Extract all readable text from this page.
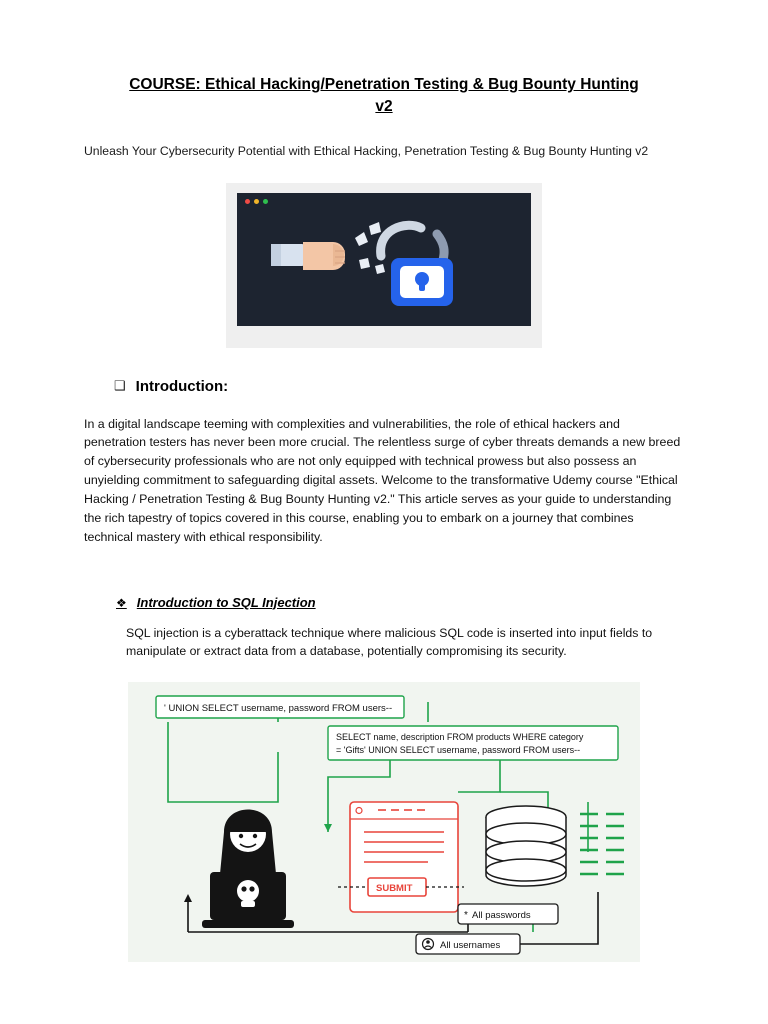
COURSE: Ethical Hacking/Penetration Testing & Bug Bounty Hunting
v2

Unleash Your Cybersecurity Potential with Ethical Hacking, Penetration Testing & Bug Bounty Hunting v2

❑ Introduction:

In a digital landscape teeming with complexities and vulnerabilities, the role of ethical hackers and penetration testers has never been more crucial. The relentless surge of cyber threats demands a new breed of cybersecurity professionals who are not only equipped with technical prowess but also possess an unyielding commitment to safeguarding digital assets. Welcome to the transformative Udemy course "Ethical Hacking / Penetration Testing & Bug Bounty Hunting v2." This article serves as your guide to understanding the rich tapestry of topics covered in this course, enabling you to embark on a journey that combines technical mastery with ethical responsibility.

❖ Introduction to SQL Injection

SQL injection is a cyberattack technique where malicious SQL code is inserted into input fields to manipulate or extract data from a database, potentially compromising its security.

' UNION SELECT username, password FROM users--
SELECT name, description FROM products WHERE category
= 'Gifts' UNION SELECT username, password FROM users--
SUBMIT
All passwords
*
All usernames
